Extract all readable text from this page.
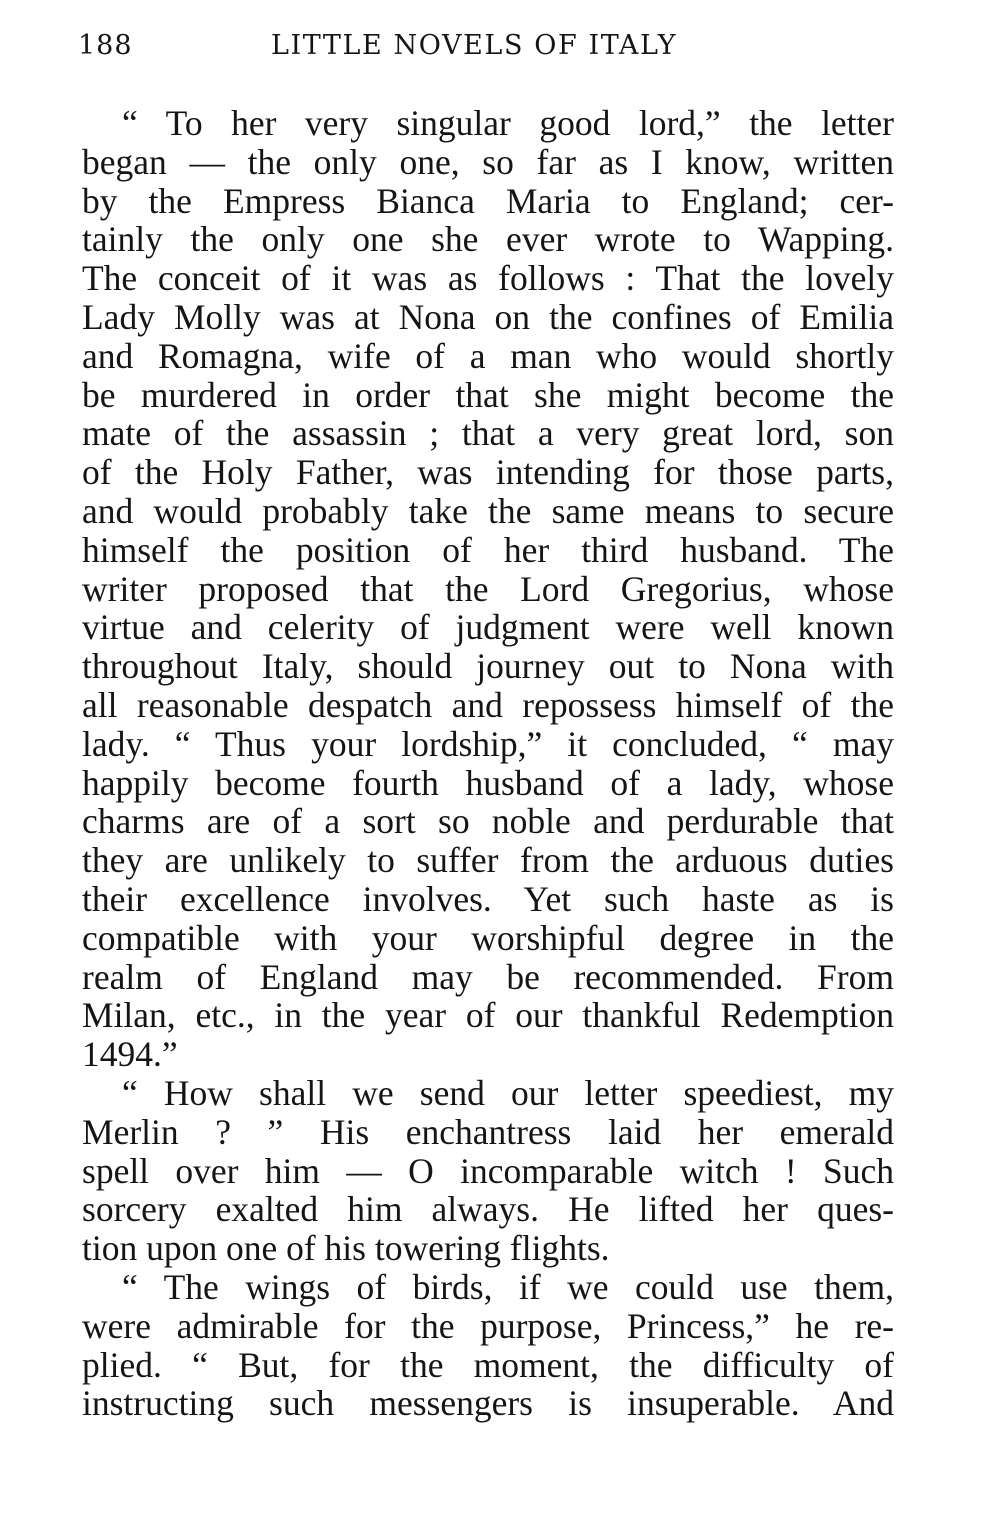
188	LITTLE NOVELS OF ITALY
“ To her very singular good lord,” the letter
began — the only one, so far as I know, written
by the Empress Bianca Maria to England; cer-
tainly the only one she ever wrote to Wapping.
The conceit of it was as follows : That the lovely
Lady Molly was at Nona on the confines of Emilia
and Romagna, wife of a man who would shortly
be murdered in order that she might become the
mate of the assassin ; that a very great lord, son
of the Holy Father, was intending for those parts,
and would probably take the same means to secure
himself the position of her third husband. The
writer proposed that the Lord Gregorius, whose
virtue and celerity of judgment were well known
throughout Italy, should journey out to Nona with
all reasonable despatch and repossess himself of the
lady. “ Thus your lordship,” it concluded, “ may
happily become fourth husband of a lady, whose
charms are of a sort so noble and perdurable that
they are unlikely to suffer from the arduous duties
their excellence involves. Yet such haste as is
compatible with your worshipful degree in the
realm of England may be recommended. From
Milan, etc., in the year of our thankful Redemption
1494.”
“ How shall we send our letter speediest, my
Merlin ? ” His enchantress laid her emerald
spell over him — O incomparable witch ! Such
sorcery exalted him always. He lifted her ques-
tion upon one of his towering flights.
“ The wings of birds, if we could use them,
were admirable for the purpose, Princess,” he re-
plied. “ But, for the moment, the difficulty of
instructing such messengers is insuperable. And
